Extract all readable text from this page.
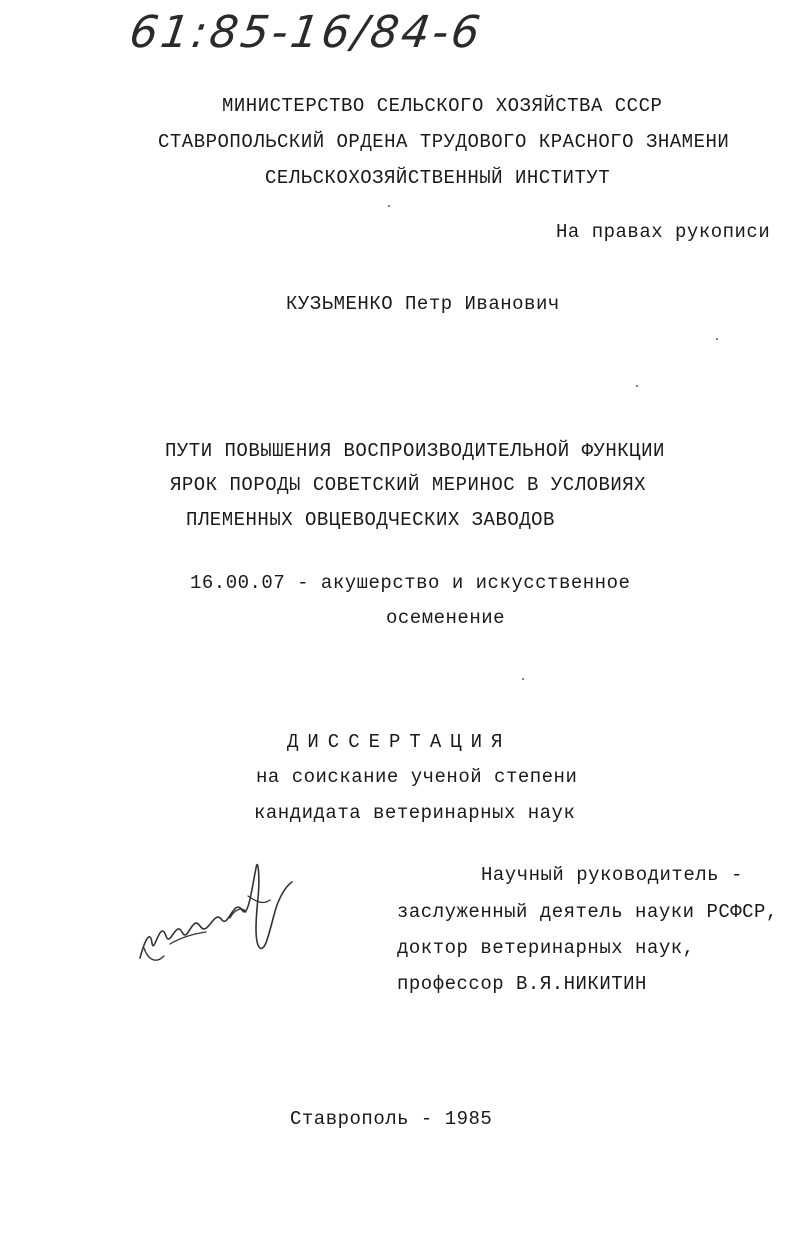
61:85-16/84-6
МИНИСТЕРСТВО СЕЛЬСКОГО ХОЗЯЙСТВА СССР
СТАВРОПОЛЬСКИЙ ОРДЕНА ТРУДОВОГО КРАСНОГО ЗНАМЕНИ
СЕЛЬСКОХОЗЯЙСТВЕННЫЙ ИНСТИТУТ
На правах рукописи
КУЗЬМЕНКО Петр Иванович
ПУТИ ПОВЫШЕНИЯ ВОСПРОИЗВОДИТЕЛЬНОЙ ФУНКЦИИ
ЯРОК ПОРОДЫ СОВЕТСКИЙ МЕРИНОС В УСЛОВИЯХ
ПЛЕМЕННЫХ ОВЦЕВОДЧЕСКИХ ЗАВОДОВ
16.00.07 - акушерство и искусственное
осеменение
ДИССЕРТАЦИЯ
на соискание ученой степени
кандидата ветеринарных наук
Научный руководитель -
заслуженный деятель науки РСФСР,
доктор ветеринарных наук,
профессор В.Я.НИКИТИН
Ставрополь - 1985
